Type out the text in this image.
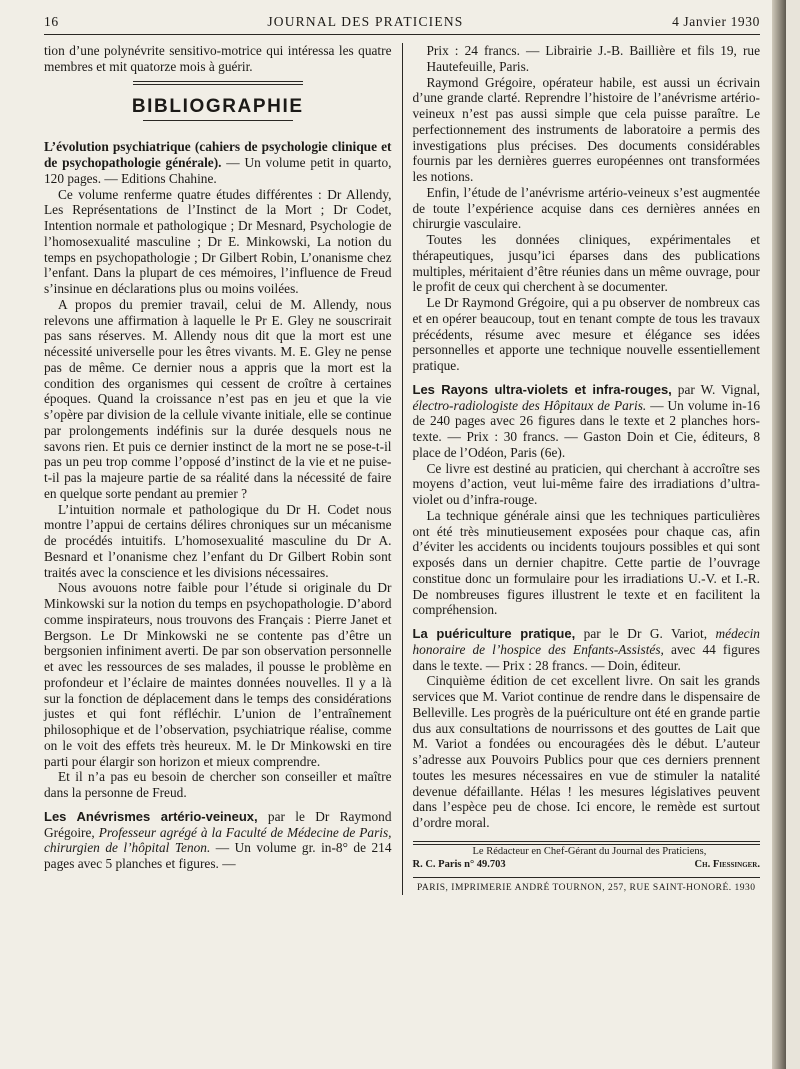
16	JOURNAL DES PRATICIENS	4 Janvier 1930

tion d’une polynévrite sensitivo-motrice qui intéressa les quatre membres et mit quatorze mois à guérir.

BIBLIOGRAPHIE

L’évolution psychiatrique (cahiers de psychologie clinique et de psychopathologie générale). — Un volume petit in quarto, 120 pages. — Editions Chahine.

Ce volume renferme quatre études différentes : Dr Allendy, Les Représentations de l’Instinct de la Mort ; Dr Codet, Intention normale et pathologique ; Dr Mesnard, Psychologie de l’homosexualité masculine ; Dr E. Minkowski, La notion du temps en psychopathologie ; Dr Gilbert Robin, L’onanisme chez l’enfant. Dans la plupart de ces mémoires, l’influence de Freud s’insinue en déclarations plus ou moins voilées.

A propos du premier travail, celui de M. Allendy, nous relevons une affirmation à laquelle le Pr E. Gley ne souscrirait pas sans réserves. M. Allendy nous dit que la mort est une nécessité universelle pour les êtres vivants. M. E. Gley ne pense pas de même. Ce dernier nous a appris que la mort est la condition des organismes qui cessent de croître à certaines époques. Quand la croissance n’est pas en jeu et que la vie s’opère par division de la cellule vivante initiale, elle se continue par prolongements indéfinis sur la durée desquels nous ne savons rien. Et puis ce dernier instinct de la mort ne se pose-t-il pas un peu trop comme l’opposé d’instinct de la vie et ne puise-t-il pas la majeure partie de sa réalité dans la nécessité de faire en quelque sorte pendant au premier ?

L’intuition normale et pathologique du Dr H. Codet nous montre l’appui de certains délires chroniques sur un mécanisme de procédés intuitifs. L’homosexualité masculine du Dr A. Besnard et l’onanisme chez l’enfant du Dr Gilbert Robin sont traités avec la conscience et les divisions nécessaires.

Nous avouons notre faible pour l’étude si originale du Dr Minkowski sur la notion du temps en psychopathologie. D’abord comme inspirateurs, nous trouvons des Français : Pierre Janet et Bergson. Le Dr Minkowski ne se contente pas d’être un bergsonien infiniment averti. De par son observation personnelle et avec les ressources de ses malades, il pousse le problème en profondeur et l’éclaire de maintes données nouvelles. Il y a là sur la fonction de déplacement dans le temps des considérations justes et qui font réfléchir. L’union de l’entraînement philosophique et de l’observation, psychiatrique réalise, comme on le voit des effets très heureux. M. le Dr Minkowski en tire parti pour élargir son horizon et mieux comprendre.

Et il n’a pas eu besoin de chercher son conseiller et maître dans la personne de Freud.

Les Anévrismes artério-veineux, par le Dr Raymond Grégoire, Professeur agrégé à la Faculté de Médecine de Paris, chirurgien de l’hôpital Tenon. — Un volume gr. in-8° de 214 pages avec 5 planches et figures. —

Prix : 24 francs. — Librairie J.-B. Baillière et fils 19, rue Hautefeuille, Paris.

Raymond Grégoire, opérateur habile, est aussi un écrivain d’une grande clarté. Reprendre l’histoire de l’anévrisme artério-veineux n’est pas aussi simple que cela puisse paraître. Le perfectionnement des instruments de laboratoire a permis des investigations plus précises. Des documents considérables fournis par les dernières guerres européennes ont transformées les notions.

Enfin, l’étude de l’anévrisme artério-veineux s’est augmentée de toute l’expérience acquise dans ces dernières années en chirurgie vasculaire.

Toutes les données cliniques, expérimentales et thérapeutiques, jusqu’ici éparses dans des publications multiples, méritaient d’être réunies dans un même ouvrage, pour le profit de ceux qui cherchent à se documenter.

Le Dr Raymond Grégoire, qui a pu observer de nombreux cas et en opérer beaucoup, tout en tenant compte de tous les travaux précédents, résume avec mesure et élégance ses idées personnelles et apporte une technique nouvelle essentiellement pratique.

Les Rayons ultra-violets et infra-rouges, par W. Vignal, électro-radiologiste des Hôpitaux de Paris. — Un volume in-16 de 240 pages avec 26 figures dans le texte et 2 planches hors-texte. — Prix : 30 francs. — Gaston Doin et Cie, éditeurs, 8 place de l’Odéon, Paris (6e).

Ce livre est destiné au praticien, qui cherchant à accroître ses moyens d’action, veut lui-même faire des irradiations d’ultra-violet ou d’infra-rouge.

La technique générale ainsi que les techniques particulières ont été très minutieusement exposées pour chaque cas, afin d’éviter les accidents ou incidents toujours possibles et qui sont exposés dans un dernier chapitre. Cette partie de l’ouvrage constitue donc un formulaire pour les irradiations U.-V. et I.-R. De nombreuses figures illustrent le texte et en facilitent la compréhension.

La puériculture pratique, par le Dr G. Variot, médecin honoraire de l’hospice des Enfants-Assistés, avec 44 figures dans le texte. — Prix : 28 francs. — Doin, éditeur.

Cinquième édition de cet excellent livre. On sait les grands services que M. Variot continue de rendre dans le dispensaire de Belleville. Les progrès de la puériculture ont été en grande partie dus aux consultations de nourrissons et des gouttes de Lait que M. Variot a fondées ou encouragées dès le début. L’auteur s’adresse aux Pouvoirs Publics pour que ces derniers prennent toutes les mesures nécessaires en vue de stimuler la natalité devenue défaillante. Hélas ! les mesures législatives peuvent dans l’espèce peu de chose. Ici encore, le remède est surtout d’ordre moral.

Le Rédacteur en Chef-Gérant du Journal des Praticiens,
R. C. Paris n° 49.703	Ch. Fiessinger.
PARIS, IMPRIMERIE ANDRÉ TOURNON, 257, RUE SAINT-HONORÉ. 1930
